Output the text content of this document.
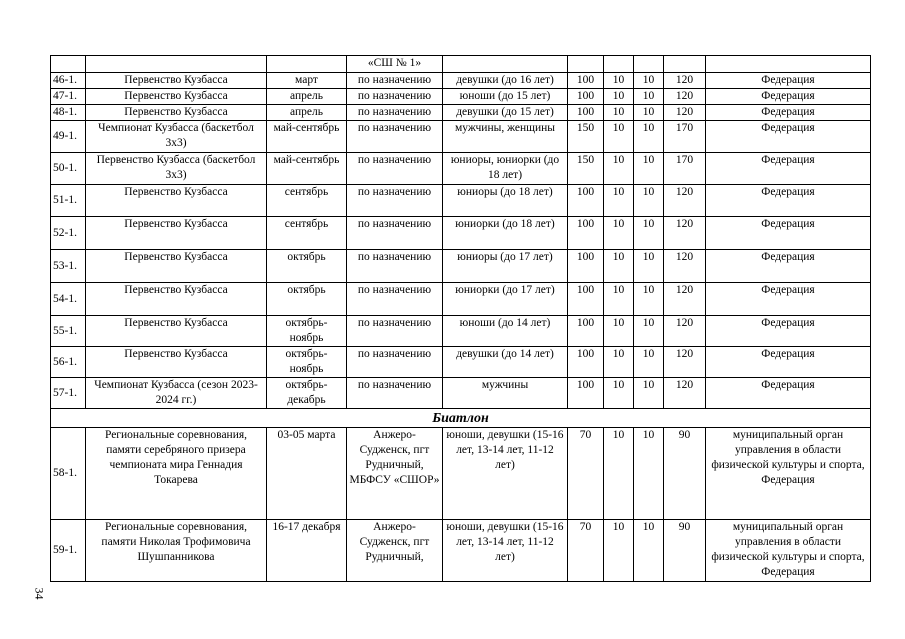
34
			«СШ № 1»						
46-1.	Первенство Кузбасса	март	по назначению	девушки (до 16 лет)	100	10	10	120	Федерация
47-1.	Первенство Кузбасса	апрель	по назначению	юноши (до 15 лет)	100	10	10	120	Федерация
48-1.	Первенство Кузбасса	апрель	по назначению	девушки (до 15 лет)	100	10	10	120	Федерация
49-1.	Чемпионат Кузбасса (баскетбол 3х3)	май-сентябрь	по назначению	мужчины, женщины	150	10	10	170	Федерация
50-1.	Первенство Кузбасса (баскетбол 3х3)	май-сентябрь	по назначению	юниоры, юниорки (до 18 лет)	150	10	10	170	Федерация
51-1.	Первенство Кузбасса	сентябрь	по назначению	юниоры (до 18 лет)	100	10	10	120	Федерация
52-1.	Первенство Кузбасса	сентябрь	по назначению	юниорки (до 18 лет)	100	10	10	120	Федерация
53-1.	Первенство Кузбасса	октябрь	по назначению	юниоры (до 17 лет)	100	10	10	120	Федерация
54-1.	Первенство Кузбасса	октябрь	по назначению	юниорки (до 17 лет)	100	10	10	120	Федерация
55-1.	Первенство Кузбасса	октябрь-ноябрь	по назначению	юноши (до 14 лет)	100	10	10	120	Федерация
56-1.	Первенство Кузбасса	октябрь-ноябрь	по назначению	девушки (до 14 лет)	100	10	10	120	Федерация
57-1.	Чемпионат Кузбасса (сезон 2023-2024 гг.)	октябрь-декабрь	по назначению	мужчины	100	10	10	120	Федерация
Биатлон									
58-1.	Региональные соревнования, памяти серебряного призера чемпионата мира Геннадия Токарева	03-05 марта	Анжеро-Судженск, пгт Рудничный, МБФСУ «СШОР»	юноши, девушки (15-16 лет, 13-14 лет, 11-12 лет)	70	10	10	90	муниципальный орган управления в области физической культуры и спорта, Федерация
59-1.	Региональные соревнования, памяти Николая Трофимовича Шушпанникова	16-17 декабря	Анжеро-Судженск, пгт Рудничный,	юноши, девушки (15-16 лет, 13-14 лет, 11-12 лет)	70	10	10	90	муниципальный орган управления в области физической культуры и спорта, Федерация
